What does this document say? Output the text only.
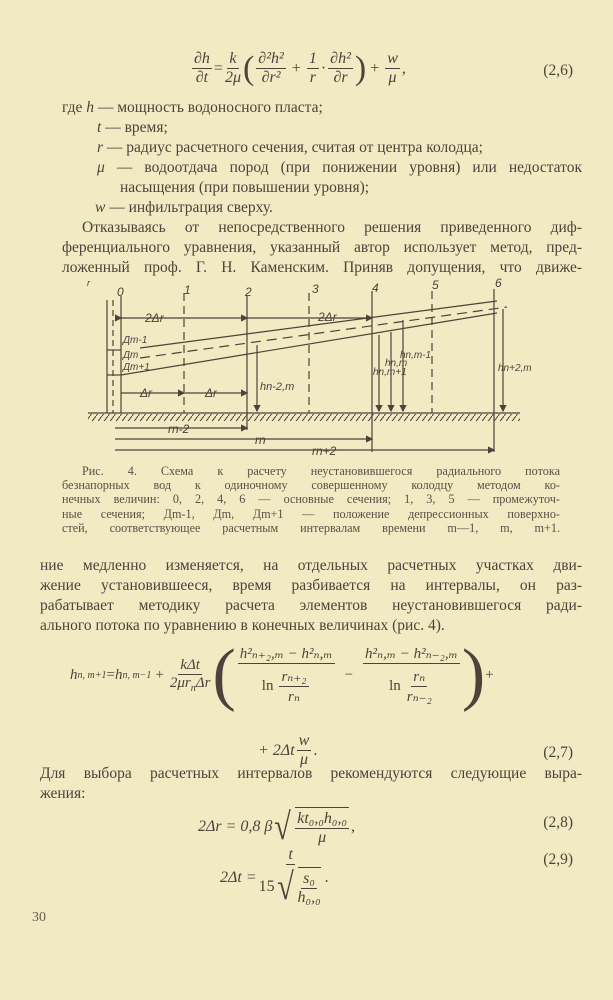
$\frac{\partial h}{\partial t} = \frac{k}{2\mu}$ ( $\frac{\text{∂²h²}}{\text{∂r²}} + \frac{1}{r} \cdot \frac{\text{∂h²}}{\partial r}$ ) + $\frac{w}{\mu}$ ,	(2,6)
где h — мощность водоносного пласта;
t — время;
r — радиус расчетного сечения, считая от центра колодца;
μ — водоотдача пород (при понижении уровня) или недостаток
насыщения (при повышении уровня);
w — инфильтрация сверху.
Отказываясь от непосредственного решения приведенного диф-
ференциального уравнения, указанный автор использует метод, пред-
ложенный проф. Г. Н. Каменским. Приняв допущения, что движе-
0	1	2	3	4	5	6
r
2Δr	2Δr
Δr	Δr
Дm-1
Дm
Дm+1
hn-2,m
hn,m-1
hn,m
hn,m+1	hn+2,m
rn-2
rn
rn+2
Рис. 4. Схема к расчету неустановившегося радиального потока
безнапорных вод к одиночному совершенному колодцу методом ко-
нечных величин: 0, 2, 4, 6 — основные сечения; 1, 3, 5 — промежуточ-
ные сечения; Дm-1, Дm, Дm+1 — положение депрессионных поверхно-
стей, соответствующее расчетным интервалам времени m—1, m, m+1.
ние медленно изменяется, на отдельных расчетных участках дви-
жение установившееся, время разбивается на интервалы, он раз-
рабатывает методику расчета элементов неустановившегося ради-
ального потока по уравнению в конечных величинах (рис. 4).
h n, m+1 = h n, $m-1 + \frac{\text{kΔt}}{2\mu r_n\Delta r}$ ( $\frac{\text{h²ₙ₊₂,ₘ − h²ₙ,ₘ}}{\ln \frac{\text{rₙ₊₂}}{\text{rₙ}}} - \frac{\text{h²ₙ,ₘ − h²ₙ₋₂,ₘ}}{\ln \frac{\text{rₙ}}{\text{rₙ₋₂}}}$ ) +
+ $2\Delta t \frac{w}{\mu}$ .	(2,7)
Для выбора расчетных интервалов рекомендуются следующие выра-
жения:
2Δr = 0,8 β √ $\frac{\text{kt₀,₀h₀,₀}}{\mu}$ ,	(2,8)
$2\Delta t = \frac{t}{15 √ \frac{\text{s₀}}{\text{h₀,₀}}}$ .
(2,9)
30
